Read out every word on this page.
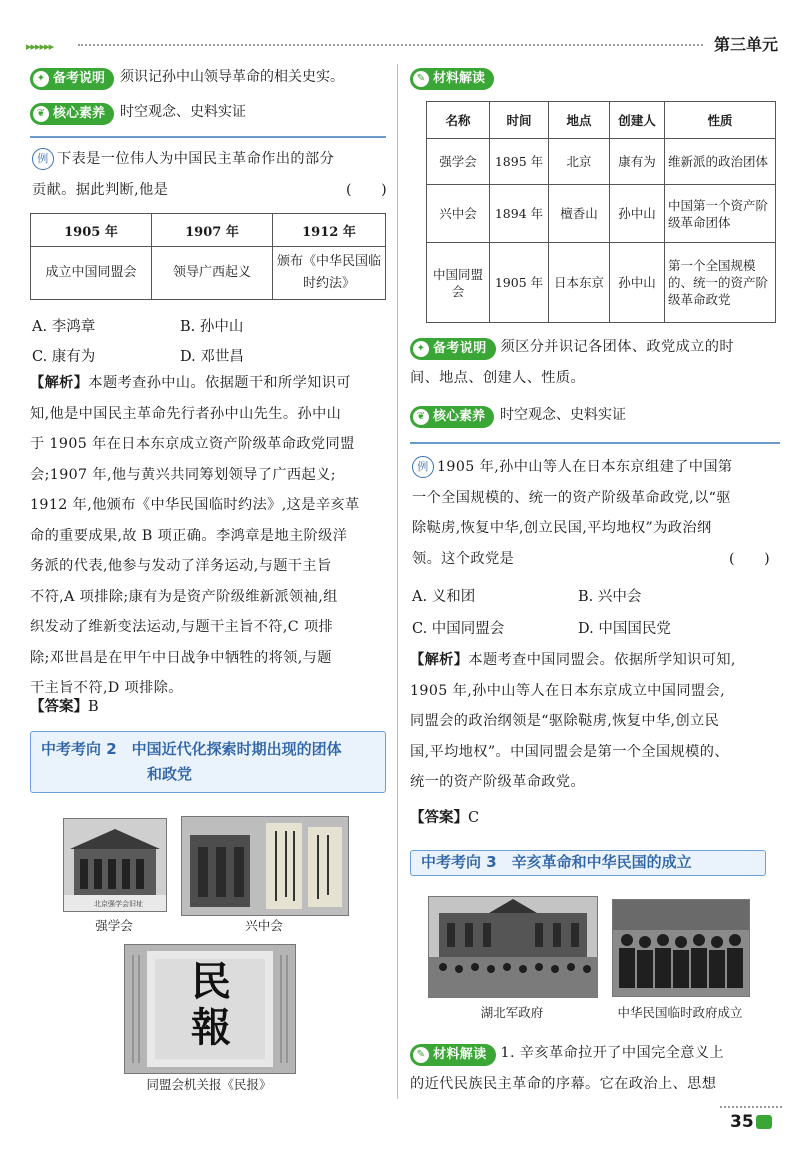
▸▸▸▸▸▸	第三单元
✦ 备考说明 须识记孙中山领导革命的相关史实。
❦ 核心素养 时空观念、史料实证

例 下表是一位伟人为中国民主革命作出的部分

贡献。据此判断,他是	(　　)

1905 年	1907 年	1912 年
成立中国同盟会	领导广西起义	颁布《中华民国临时约法》
A. 李鸿章	B. 孙中山
C. 康有为	D. 邓世昌

【解析】本题考查孙中山。依据题干和所学知识可

知,他是中国民主革命先行者孙中山先生。孙中山

于 1905 年在日本东京成立资产阶级革命政党同盟

会;1907 年,他与黄兴共同筹划领导了广西起义;

1912 年,他颁布《中华民国临时约法》,这是辛亥革

命的重要成果,故 B 项正确。李鸿章是地主阶级洋

务派的代表,他参与发动了洋务运动,与题干主旨

不符,A 项排除;康有为是资产阶级维新派领袖,组

织发动了维新变法运动,与题干主旨不符,C 项排

除;邓世昌是在甲午中日战争中牺牲的将领,与题

干主旨不符,D 项排除。

【答案】B
中考考向 2　中国近代化探索时期出现的团体
和政党
北京强学会旧址
强学会	兴中会
民報
同盟会机关报《民报》
✎ 材料解读
名称	时间	地点	创建人	性质
强学会	1895 年	北京	康有为	维新派的政治团体
兴中会	1894 年	檀香山	孙中山	中国第一个资产阶级革命团体
中国同盟会	1905 年	日本东京	孙中山	第一个全国规模的、统一的资产阶级革命政党

✦ 备考说明 须区分并识记各团体、政党成立的时

间、地点、创建人、性质。

❦ 核心素养 时空观念、史料实证

例 1905 年,孙中山等人在日本东京组建了中国第

一个全国规模的、统一的资产阶级革命政党,以“驱

除鞑虏,恢复中华,创立民国,平均地权”为政治纲

领。这个政党是	(　　)

A. 义和团	B. 兴中会
C. 中国同盟会	D. 中国国民党

【解析】本题考查中国同盟会。依据所学知识可知,

1905 年,孙中山等人在日本东京成立中国同盟会,

同盟会的政治纲领是“驱除鞑虏,恢复中华,创立民

国,平均地权”。中国同盟会是第一个全国规模的、

统一的资产阶级革命政党。

【答案】C
中考考向 3　辛亥革命和中华民国的成立
湖北军政府	中华民国临时政府成立

✎ 材料解读 1. 辛亥革命拉开了中国完全意义上

的近代民族民主革命的序幕。它在政治上、思想

35
